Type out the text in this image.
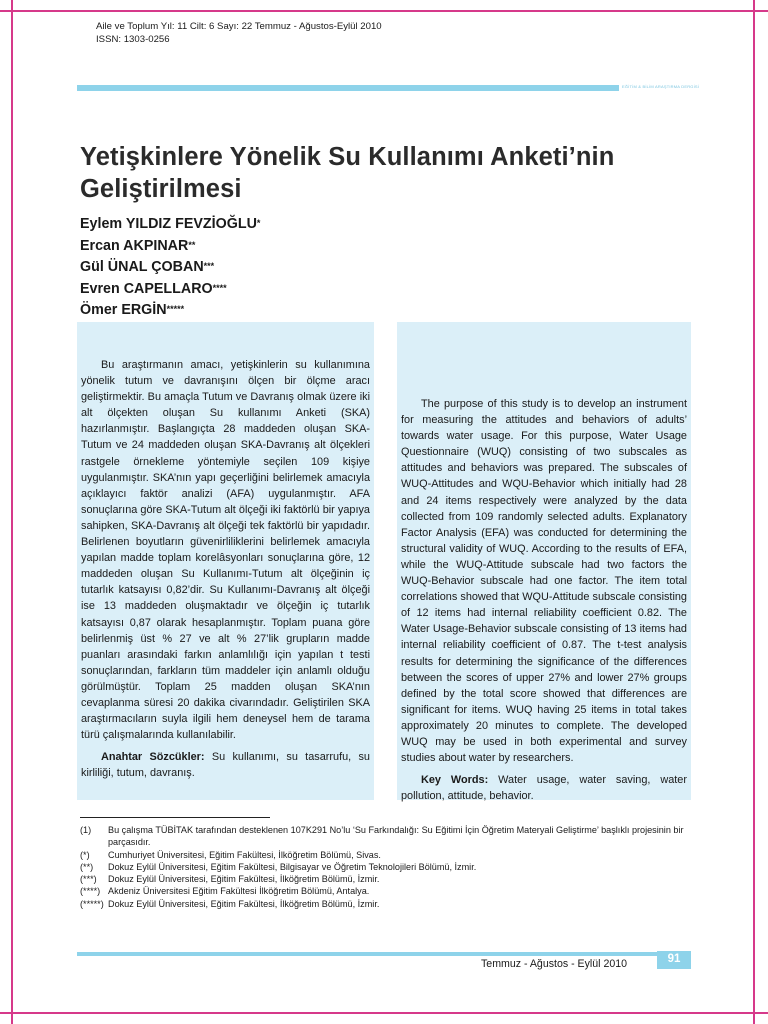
Aile ve Toplum Yıl: 11 Cilt: 6 Sayı: 22 Temmuz - Ağustos-Eylül 2010
ISSN: 1303-0256
EĞİTİM & BİLİM ARAŞTIRMA DERGİSİ
Yetişkinlere Yönelik Su Kullanımı Anketi’nin Geliştirilmesi
Eylem YILDIZ FEVZİOĞLU*
Ercan AKPINAR**
Gül ÜNAL ÇOBAN***
Evren CAPELLARO****
Ömer ERGİN*****

Bu araştırmanın amacı, yetişkinlerin su kullanımına yönelik tutum ve davranışını ölçen bir ölçme aracı geliştirmektir. Bu amaçla Tutum ve Davranış olmak üzere iki alt ölçekten oluşan Su kullanımı Anketi (SKA) hazırlanmıştır. Başlangıçta 28 maddeden oluşan SKA-Tutum ve 24 maddeden oluşan SKA-Davranış alt ölçekleri rastgele örnekleme yöntemiyle seçilen 109 kişiye uygulanmıştır. SKA’nın yapı geçerliğini belirlemek amacıyla açıklayıcı faktör analizi (AFA) uygulanmıştır. AFA sonuçlarına göre SKA-Tutum alt ölçeği iki faktörlü bir yapıya sahipken, SKA-Davranış alt ölçeği tek faktörlü bir yapıdadır. Belirlenen boyutların güvenirliliklerini belirlemek amacıyla yapılan madde toplam korelâsyonları sonuçlarına göre, 12 maddeden oluşan Su Kullanımı-Tutum alt ölçeğinin iç tutarlık katsayısı 0,82’dir. Su Kullanımı-Davranış alt ölçeği ise 13 maddeden oluşmaktadır ve ölçeğin iç tutarlık katsayısı 0,87 olarak hesaplanmıştır. Toplam puana göre belirlenmiş üst % 27 ve alt % 27’lik grupların madde puanları arasındaki farkın anlamlılığı için yapılan t testi sonuçlarından, farkların tüm maddeler için anlamlı olduğu görülmüştür. Toplam 25 madden oluşan SKA’nın cevaplanma süresi 20 dakika civarındadır. Geliştirilen SKA araştırmacıların suyla ilgili hem deneysel hem de tarama türü çalışmalarında kullanılabilir.

Anahtar Sözcükler: Su kullanımı, su tasarrufu, su kirliliği, tutum, davranış.

The purpose of this study is to develop an instrument for measuring the attitudes and behaviors of adults’ towards water usage. For this purpose, Water Usage Questionnaire (WUQ) consisting of two subscales as attitudes and behaviors was prepared. The subscales of WUQ-Attitudes and WQU-Behavior which initially had 28 and 24 items respectively were analyzed by the data collected from 109 randomly selected adults. Explanatory Factor Analysis (EFA) was conducted for determining the structural validity of WUQ. According to the results of EFA, while the WUQ-Attitude subscale had two factors the WUQ-Behavior subscale had one factor. The item total correlations showed that WQU-Attitude subscale consisting of 12 items had internal reliability coefficient 0.82. The Water Usage-Behavior subscale consisting of 13 items had internal reliability coefficient of 0.87. The t-test analysis results for determining the significance of the differences between the scores of upper 27% and lower 27% groups defined by the total score showed that differences are significant for items. WUQ having 25 items in total takes approximately 20 minutes to complete. The developed WUQ may be used in both experimental and survey studies about water by researchers.

Key Words: Water usage, water saving, water pollution, attitude, behavior.

(1)	Bu çalışma TÜBİTAK tarafından desteklenen 107K291 No’lu ‘Su Farkındalığı: Su Eğitimi İçin Öğretim Materyali Geliştirme’ başlıklı projesinin bir parçasıdır.
(*)	Cumhuriyet Üniversitesi, Eğitim Fakültesi, İlköğretim Bölümü, Sivas.
(**)	Dokuz Eylül Üniversitesi, Eğitim Fakültesi, Bilgisayar ve Öğretim Teknolojileri Bölümü, İzmir.
(***)	Dokuz Eylül Üniversitesi, Eğitim Fakültesi, İlköğretim Bölümü, İzmir.
(****) Akdeniz Üniversitesi Eğitim Fakültesi İlköğretim Bölümü, Antalya.
(*****) Dokuz Eylül Üniversitesi, Eğitim Fakültesi, İlköğretim Bölümü, İzmir.
Temmuz - Ağustos - Eylül 2010	91
